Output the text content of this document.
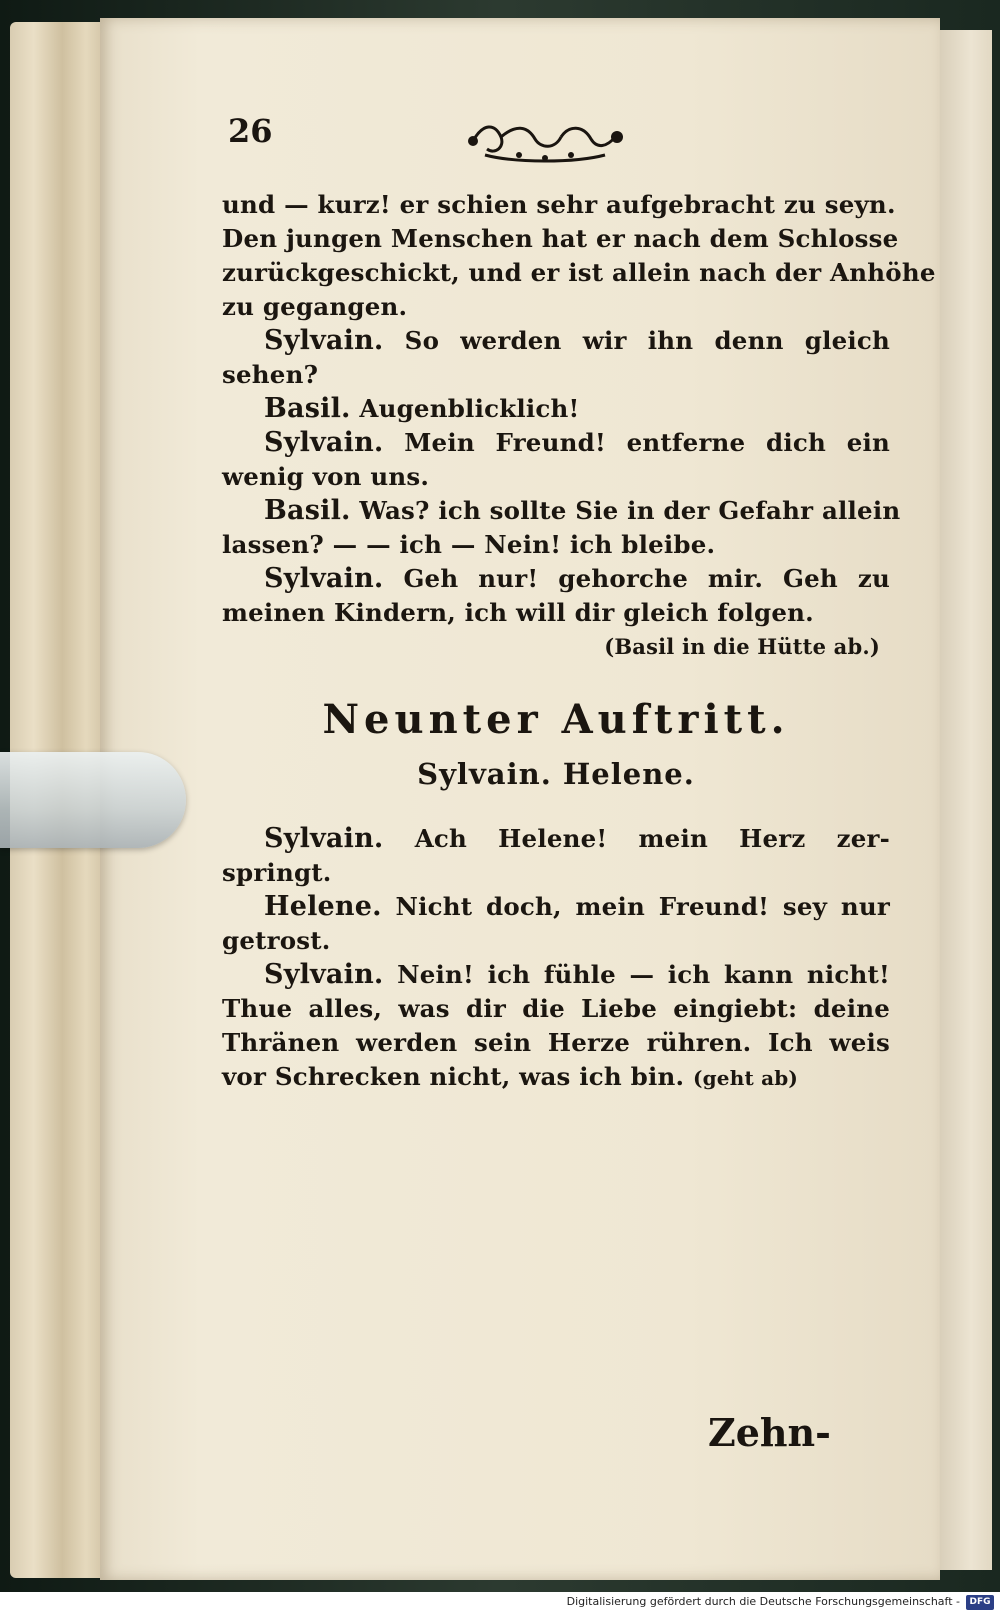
26
und — kurz! er schien sehr aufgebracht zu seyn.
Den jungen Menschen hat er nach dem Schlosse
zurückgeschickt, und er ist allein nach der Anhöhe
zu gegangen.
Sylvain. So werden wir ihn denn gleich
sehen?
Basil. Augenblicklich!
Sylvain. Mein Freund! entferne dich ein
wenig von uns.
Basil. Was? ich sollte Sie in der Gefahr allein
lassen? — — ich — Nein! ich bleibe.
Sylvain. Geh nur! gehorche mir. Geh zu
meinen Kindern, ich will dir gleich folgen.
(Basil in die Hütte ab.)
Neunter Auftritt.
Sylvain. Helene.
Sylvain. Ach Helene! mein Herz zer-
springt.
Helene. Nicht doch, mein Freund! sey nur
getrost.
Sylvain. Nein! ich fühle — ich kann nicht!
Thue alles, was dir die Liebe eingiebt: deine
Thränen werden sein Herze rühren. Ich weis
vor Schrecken nicht, was ich bin. (geht ab)
Zehn-
Digitalisierung gefördert durch die Deutsche Forschungsgemeinschaft -	DFG
